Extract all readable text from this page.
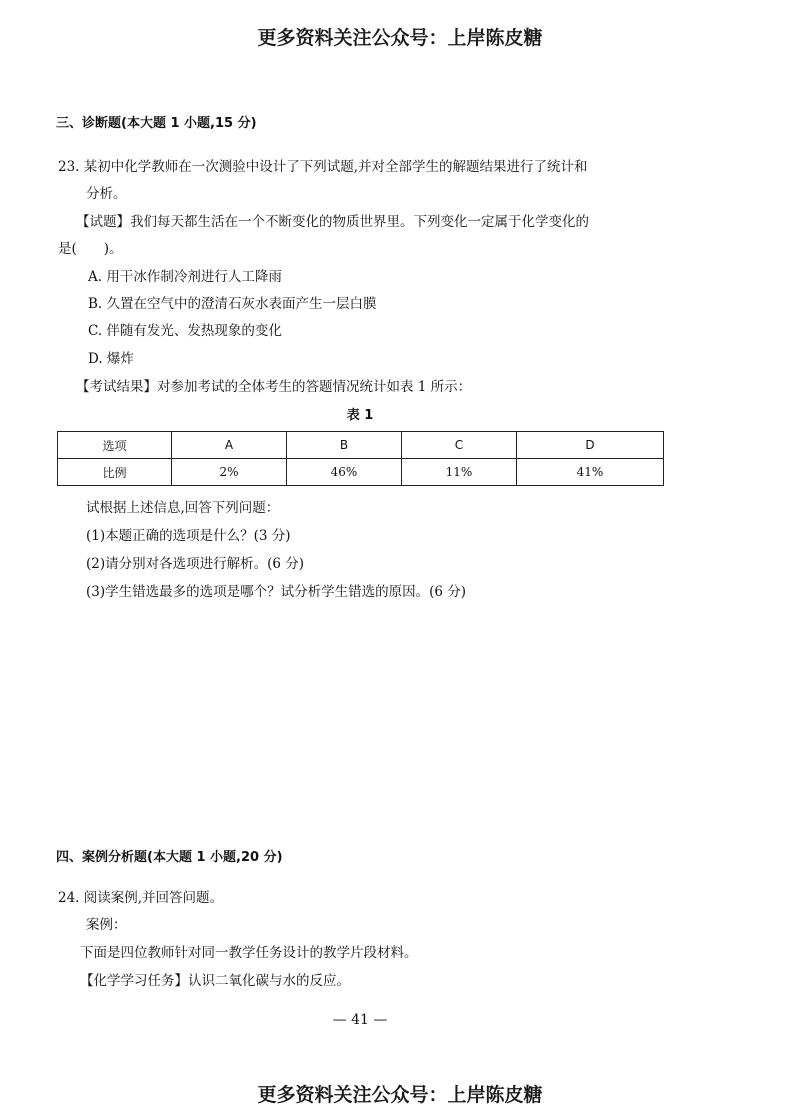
更多资料关注公众号：上岸陈皮糖
三、诊断题(本大题 1 小题,15 分)
23. 某初中化学教师在一次测验中设计了下列试题,并对全部学生的解题结果进行了统计和
分析。
【试题】我们每天都生活在一个不断变化的物质世界里。下列变化一定属于化学变化的
是(　　)。
A. 用干冰作制冷剂进行人工降雨
B. 久置在空气中的澄清石灰水表面产生一层白膜
C. 伴随有发光、发热现象的变化
D. 爆炸
【考试结果】对参加考试的全体考生的答题情况统计如表 1 所示：
表 1
选项	A	B	C	D
比例	2%	46%	11%	41%
试根据上述信息,回答下列问题：
(1)本题正确的选项是什么？(3 分)
(2)请分别对各选项进行解析。(6 分)
(3)学生错选最多的选项是哪个？试分析学生错选的原因。(6 分)
四、案例分析题(本大题 1 小题,20 分)
24. 阅读案例,并回答问题。
案例：
下面是四位教师针对同一教学任务设计的教学片段材料。
【化学学习任务】认识二氧化碳与水的反应。
— 41 —
更多资料关注公众号：上岸陈皮糖
